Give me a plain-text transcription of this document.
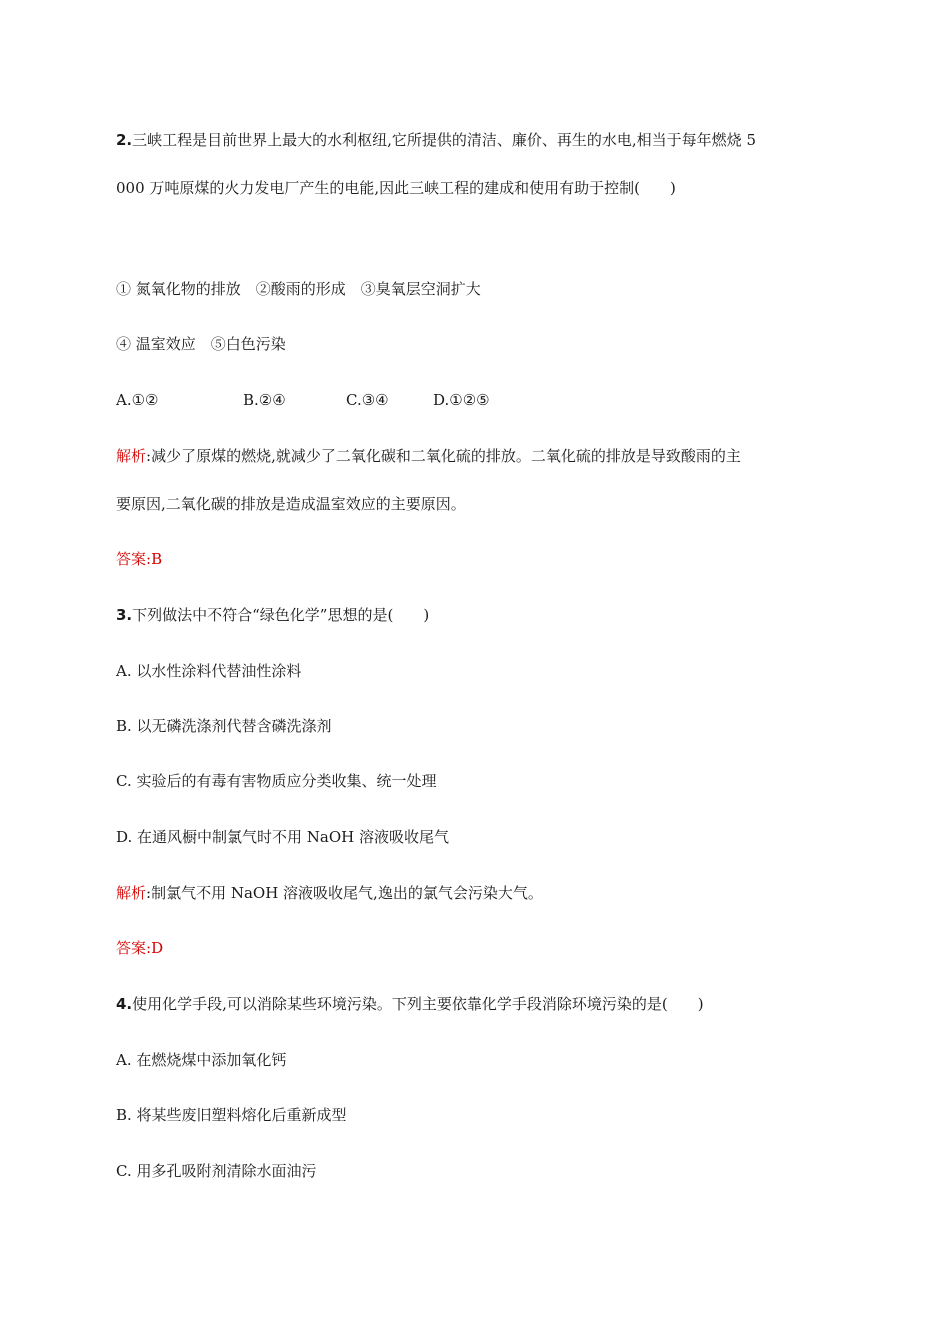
2.三峡工程是目前世界上最大的水利枢纽,它所提供的清洁、廉价、再生的水电,相当于每年燃烧 5
000 万吨原煤的火力发电厂产生的电能,因此三峡工程的建成和使用有助于控制(　　)
① 氮氧化物的排放　②酸雨的形成　③臭氧层空洞扩大
④ 温室效应　⑤白色污染
A.①②	B.②④	C.③④	D.①②⑤
解析:减少了原煤的燃烧,就减少了二氧化碳和二氧化硫的排放。二氧化硫的排放是导致酸雨的主
要原因,二氧化碳的排放是造成温室效应的主要原因。
答案:B
3.下列做法中不符合“绿色化学”思想的是(　　)
A. 以水性涂料代替油性涂料
B. 以无磷洗涤剂代替含磷洗涤剂
C. 实验后的有毒有害物质应分类收集、统一处理
D. 在通风橱中制氯气时不用 NaOH 溶液吸收尾气
解析:制氯气不用 NaOH 溶液吸收尾气,逸出的氯气会污染大气。
答案:D
4.使用化学手段,可以消除某些环境污染。下列主要依靠化学手段消除环境污染的是(　　)
A. 在燃烧煤中添加氧化钙
B. 将某些废旧塑料熔化后重新成型
C. 用多孔吸附剂清除水面油污
